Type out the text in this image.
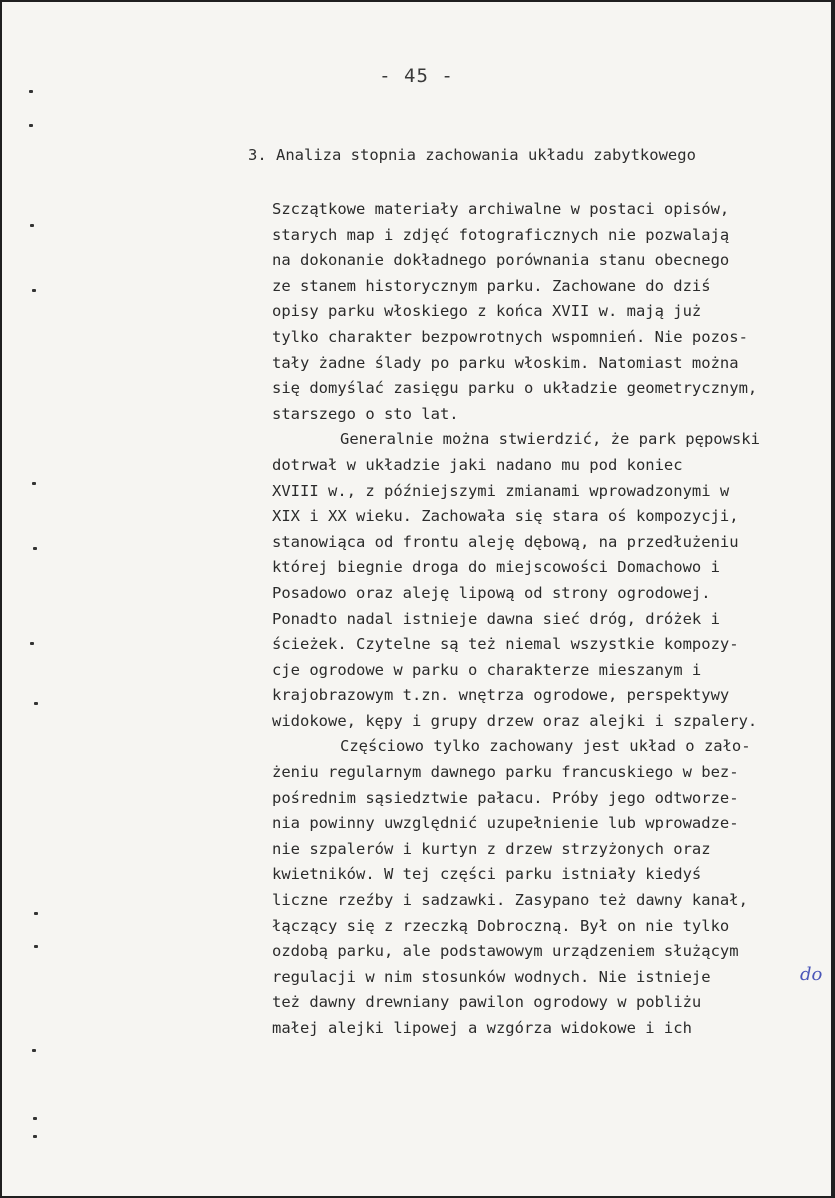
- 45 -
3. Analiza stopnia zachowania układu zabytkowego
Szczątkowe materiały archiwalne w postaci opisów,
starych map i zdjęć fotograficznych nie pozwalają
na dokonanie dokładnego porównania stanu obecnego
ze stanem historycznym parku. Zachowane do dziś
opisy parku włoskiego z końca XVII w. mają już
tylko charakter bezpowrotnych wspomnień. Nie pozos-
tały żadne ślady po parku włoskim. Natomiast można
się domyślać zasięgu parku o układzie geometrycznym,
starszego o sto lat.
Generalnie można stwierdzić, że park pępowski
dotrwał w układzie jaki nadano mu pod koniec
XVIII w., z późniejszymi zmianami wprowadzonymi w
XIX i XX wieku. Zachowała się stara oś kompozycji,
stanowiąca od frontu aleję dębową, na przedłużeniu
której biegnie droga do miejscowości Domachowo i
Posadowo oraz aleję lipową od strony ogrodowej.
Ponadto nadal istnieje dawna sieć dróg, dróżek i
ścieżek. Czytelne są też niemal wszystkie kompozy-
cje ogrodowe w parku o charakterze mieszanym i
krajobrazowym t.zn. wnętrza ogrodowe, perspektywy
widokowe, kępy i grupy drzew oraz alejki i szpalery.
Częściowo tylko zachowany jest układ o zało-
żeniu regularnym dawnego parku francuskiego w bez-
pośrednim sąsiedztwie pałacu. Próby jego odtworze-
nia powinny uwzględnić uzupełnienie lub wprowadze-
nie szpalerów i kurtyn z drzew strzyżonych oraz
kwietników. W tej części parku istniały kiedyś
liczne rzeźby i sadzawki. Zasypano też dawny kanał,
łączący się z rzeczką Dobroczną. Był on nie tylko
ozdobą parku, ale podstawowym urządzeniem służącym
regulacji w nim stosunków wodnych. Nie istnieje
też dawny drewniany pawilon ogrodowy w pobliżu
małej alejki lipowej a wzgórza widokowe i ich
do
